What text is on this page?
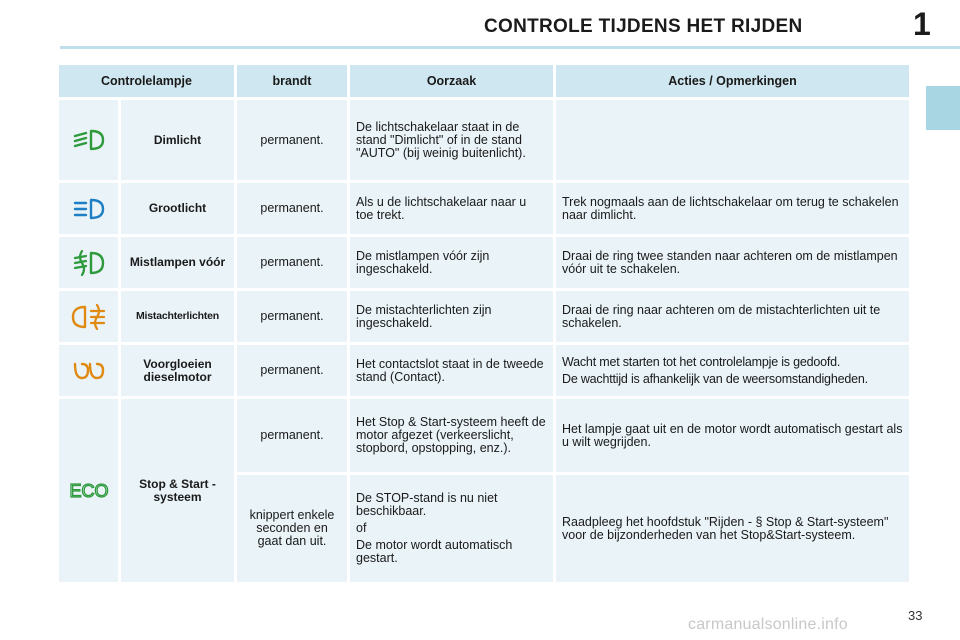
CONTROLE TIJDENS HET RIJDEN	1
Controlelampje		brandt	Oorzaak	Acties / Opmerkingen
	Dimlicht	permanent.	De lichtschakelaar staat in de stand "Dimlicht" of in de stand "AUTO" (bij weinig buitenlicht).	
	Grootlicht	permanent.	Als u de lichtschakelaar naar u toe trekt.	Trek nogmaals aan de lichtschakelaar om terug te schakelen naar dimlicht.
	Mistlampen vóór	permanent.	De mistlampen vóór zijn ingeschakeld.	Draai de ring twee standen naar achteren om de mistlampen vóór uit te schakelen.
	Mistachterlichten	permanent.	De mistachterlichten zijn ingeschakeld.	Draai de ring naar achteren om de mistachterlichten uit te schakelen.
	Voorgloeien dieselmotor	permanent.	Het contactslot staat in de tweede stand (Contact).	Wacht met starten tot het controlelampje is gedoofd.

De wachttijd is afhankelijk van de weersomstandigheden.

ECO	Stop & Start - systeem	permanent.	Het Stop & Start-systeem heeft de motor afgezet (verkeerslicht, stopbord, opstopping, enz.).	Het lampje gaat uit en de motor wordt automatisch gestart als u wilt wegrijden.
		knippert enkele seconden en gaat dan uit.	De STOP-stand is nu niet beschikbaar.

of

De motor wordt automatisch gestart.	Raadpleeg het hoofdstuk "Rijden - § Stop & Start-systeem" voor de bijzonderheden van het Stop&Start-systeem.
carmanualsonline.info
33
